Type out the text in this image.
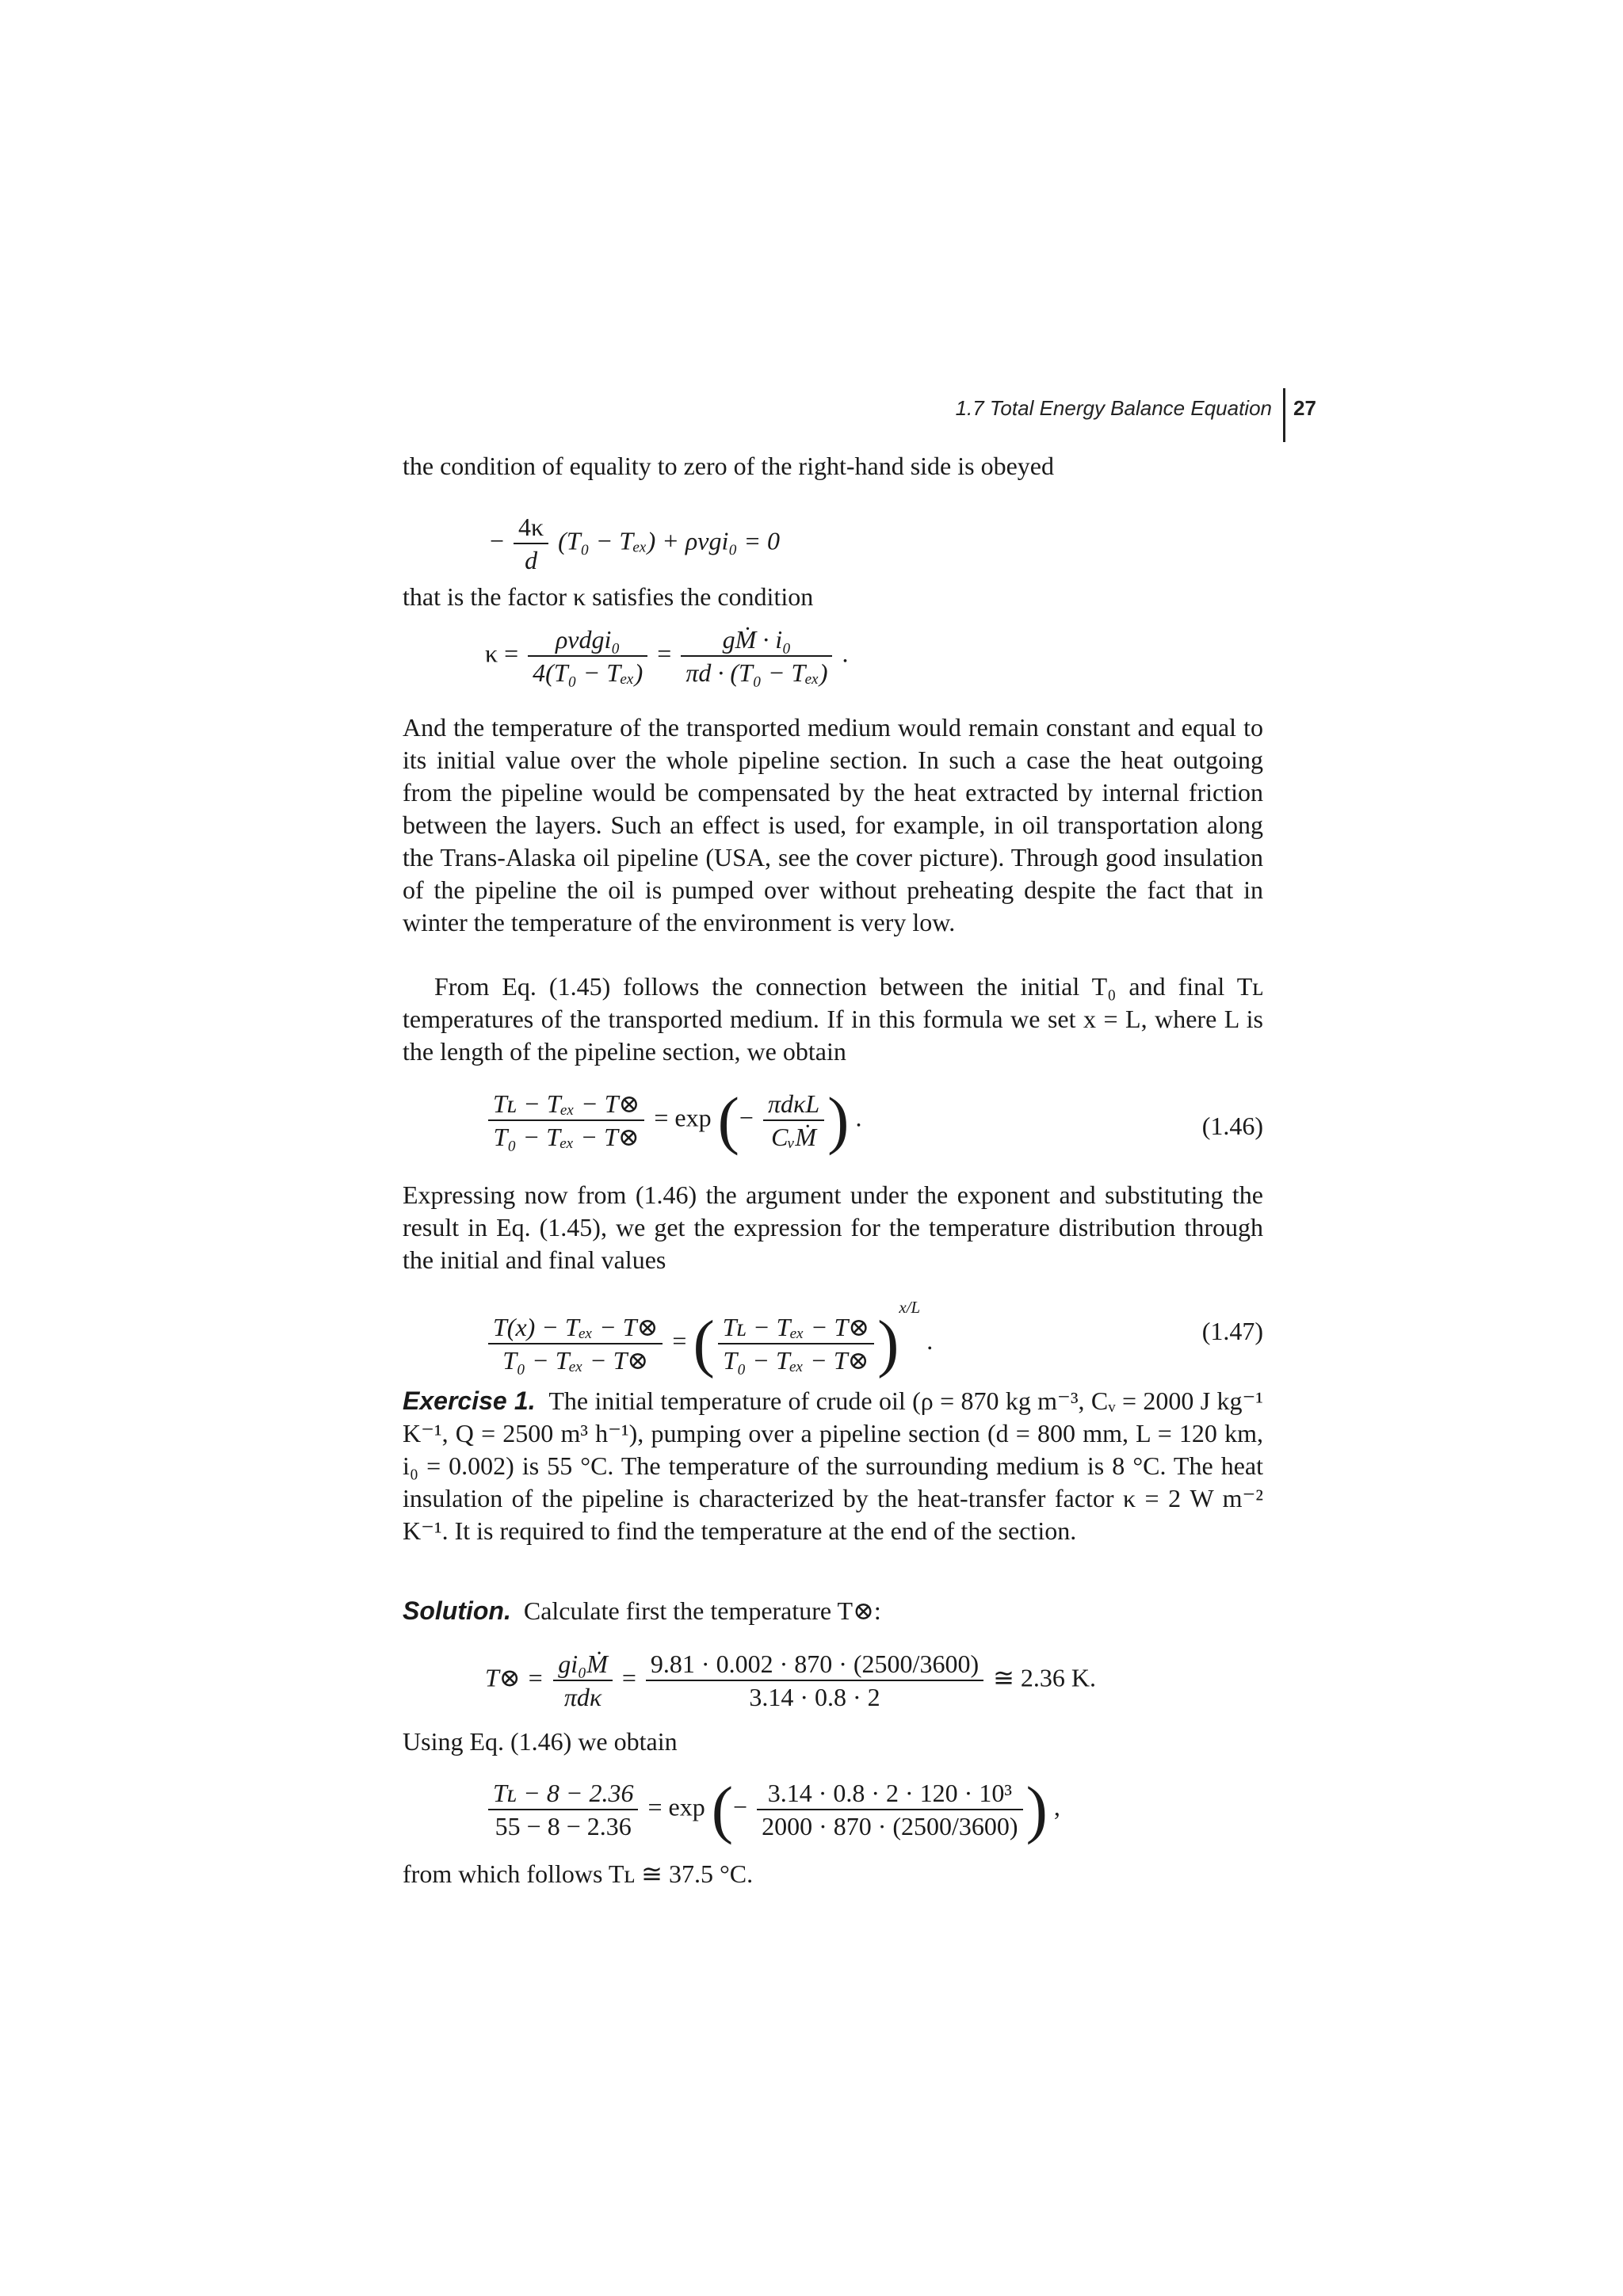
1.7 Total Energy Balance Equation 27

the condition of equality to zero of the right-hand side is obeyed

− $\frac{4\kappa}{d} (T_0 - T_{ex}) + \rho vgi_0 = 0$

that is the factor κ satisfies the condition

$\kappa = \frac{\text{ρvdgi₀}}{\text{4(T₀ − Tₑₓ)}} = \frac{\text{gṀ · i₀}}{\text{πd · (T₀ − Tₑₓ)}}$ .

And the temperature of the transported medium would remain constant and equal to its initial value over the whole pipeline section. In such a case the heat outgoing from the pipeline would be compensated by the heat extracted by internal friction between the layers. Such an effect is used, for example, in oil transportation along the Trans-Alaska oil pipeline (USA, see the cover picture). Through good insulation of the pipeline the oil is pumped over without preheating despite the fact that in winter the temperature of the environment is very low.

From Eq. (1.45) follows the connection between the initial T₀ and final Tʟ temperatures of the transported medium. If in this formula we set x = L, where L is the length of the pipeline section, we obtain

$\frac{\text{Tʟ − Tₑₓ − T⊗}}{\text{T₀ − Tₑₓ − T⊗}} = \exp$ (− $\frac{\text{πdκL}}{\text{CᵥṀ}}$ ) .	(1.46)

Expressing now from (1.46) the argument under the exponent and substituting the result in Eq. (1.45), we get the expression for the temperature distribution through the initial and final values

$\frac{\text{T(x) − Tₑₓ − T⊗}}{\text{T₀ − Tₑₓ − T⊗}}$ = ( $\frac{\text{Tʟ − Tₑₓ − T⊗}}{\text{T₀ − Tₑₓ − T⊗}} )^{x/L}$ .	(1.47)

Exercise 1. The initial temperature of crude oil (ρ = 870 kg m⁻³, Cᵥ = 2000 J kg⁻¹ K⁻¹, Q = 2500 m³ h⁻¹), pumping over a pipeline section (d = 800 mm, L = 120 km, i₀ = 0.002) is 55 °C. The temperature of the surrounding medium is 8 °C. The heat insulation of the pipeline is characterized by the heat-transfer factor κ = 2 W m⁻² K⁻¹. It is required to find the temperature at the end of the section.

Solution. Calculate first the temperature T⊗:

T⊗ = $\frac{\text{gi₀Ṁ}}{\text{πdκ}} = \frac{9.81 \cdot 0.002 \cdot 870 \cdot (2500/3600)}{3.14 \cdot 0.8 \cdot 2}$ ≅ 2.36 K.

Using Eq. (1.46) we obtain

$\frac{\text{Tʟ − 8 − 2.36}}{55 - 8 - 2.36} = \exp$ (− $\frac{\text{3.14 · 0.8 · 2 · 120 · 10³}}{2000 \cdot 870 \cdot (2500/3600)}$ ) ,

from which follows Tʟ ≅ 37.5 °C.
